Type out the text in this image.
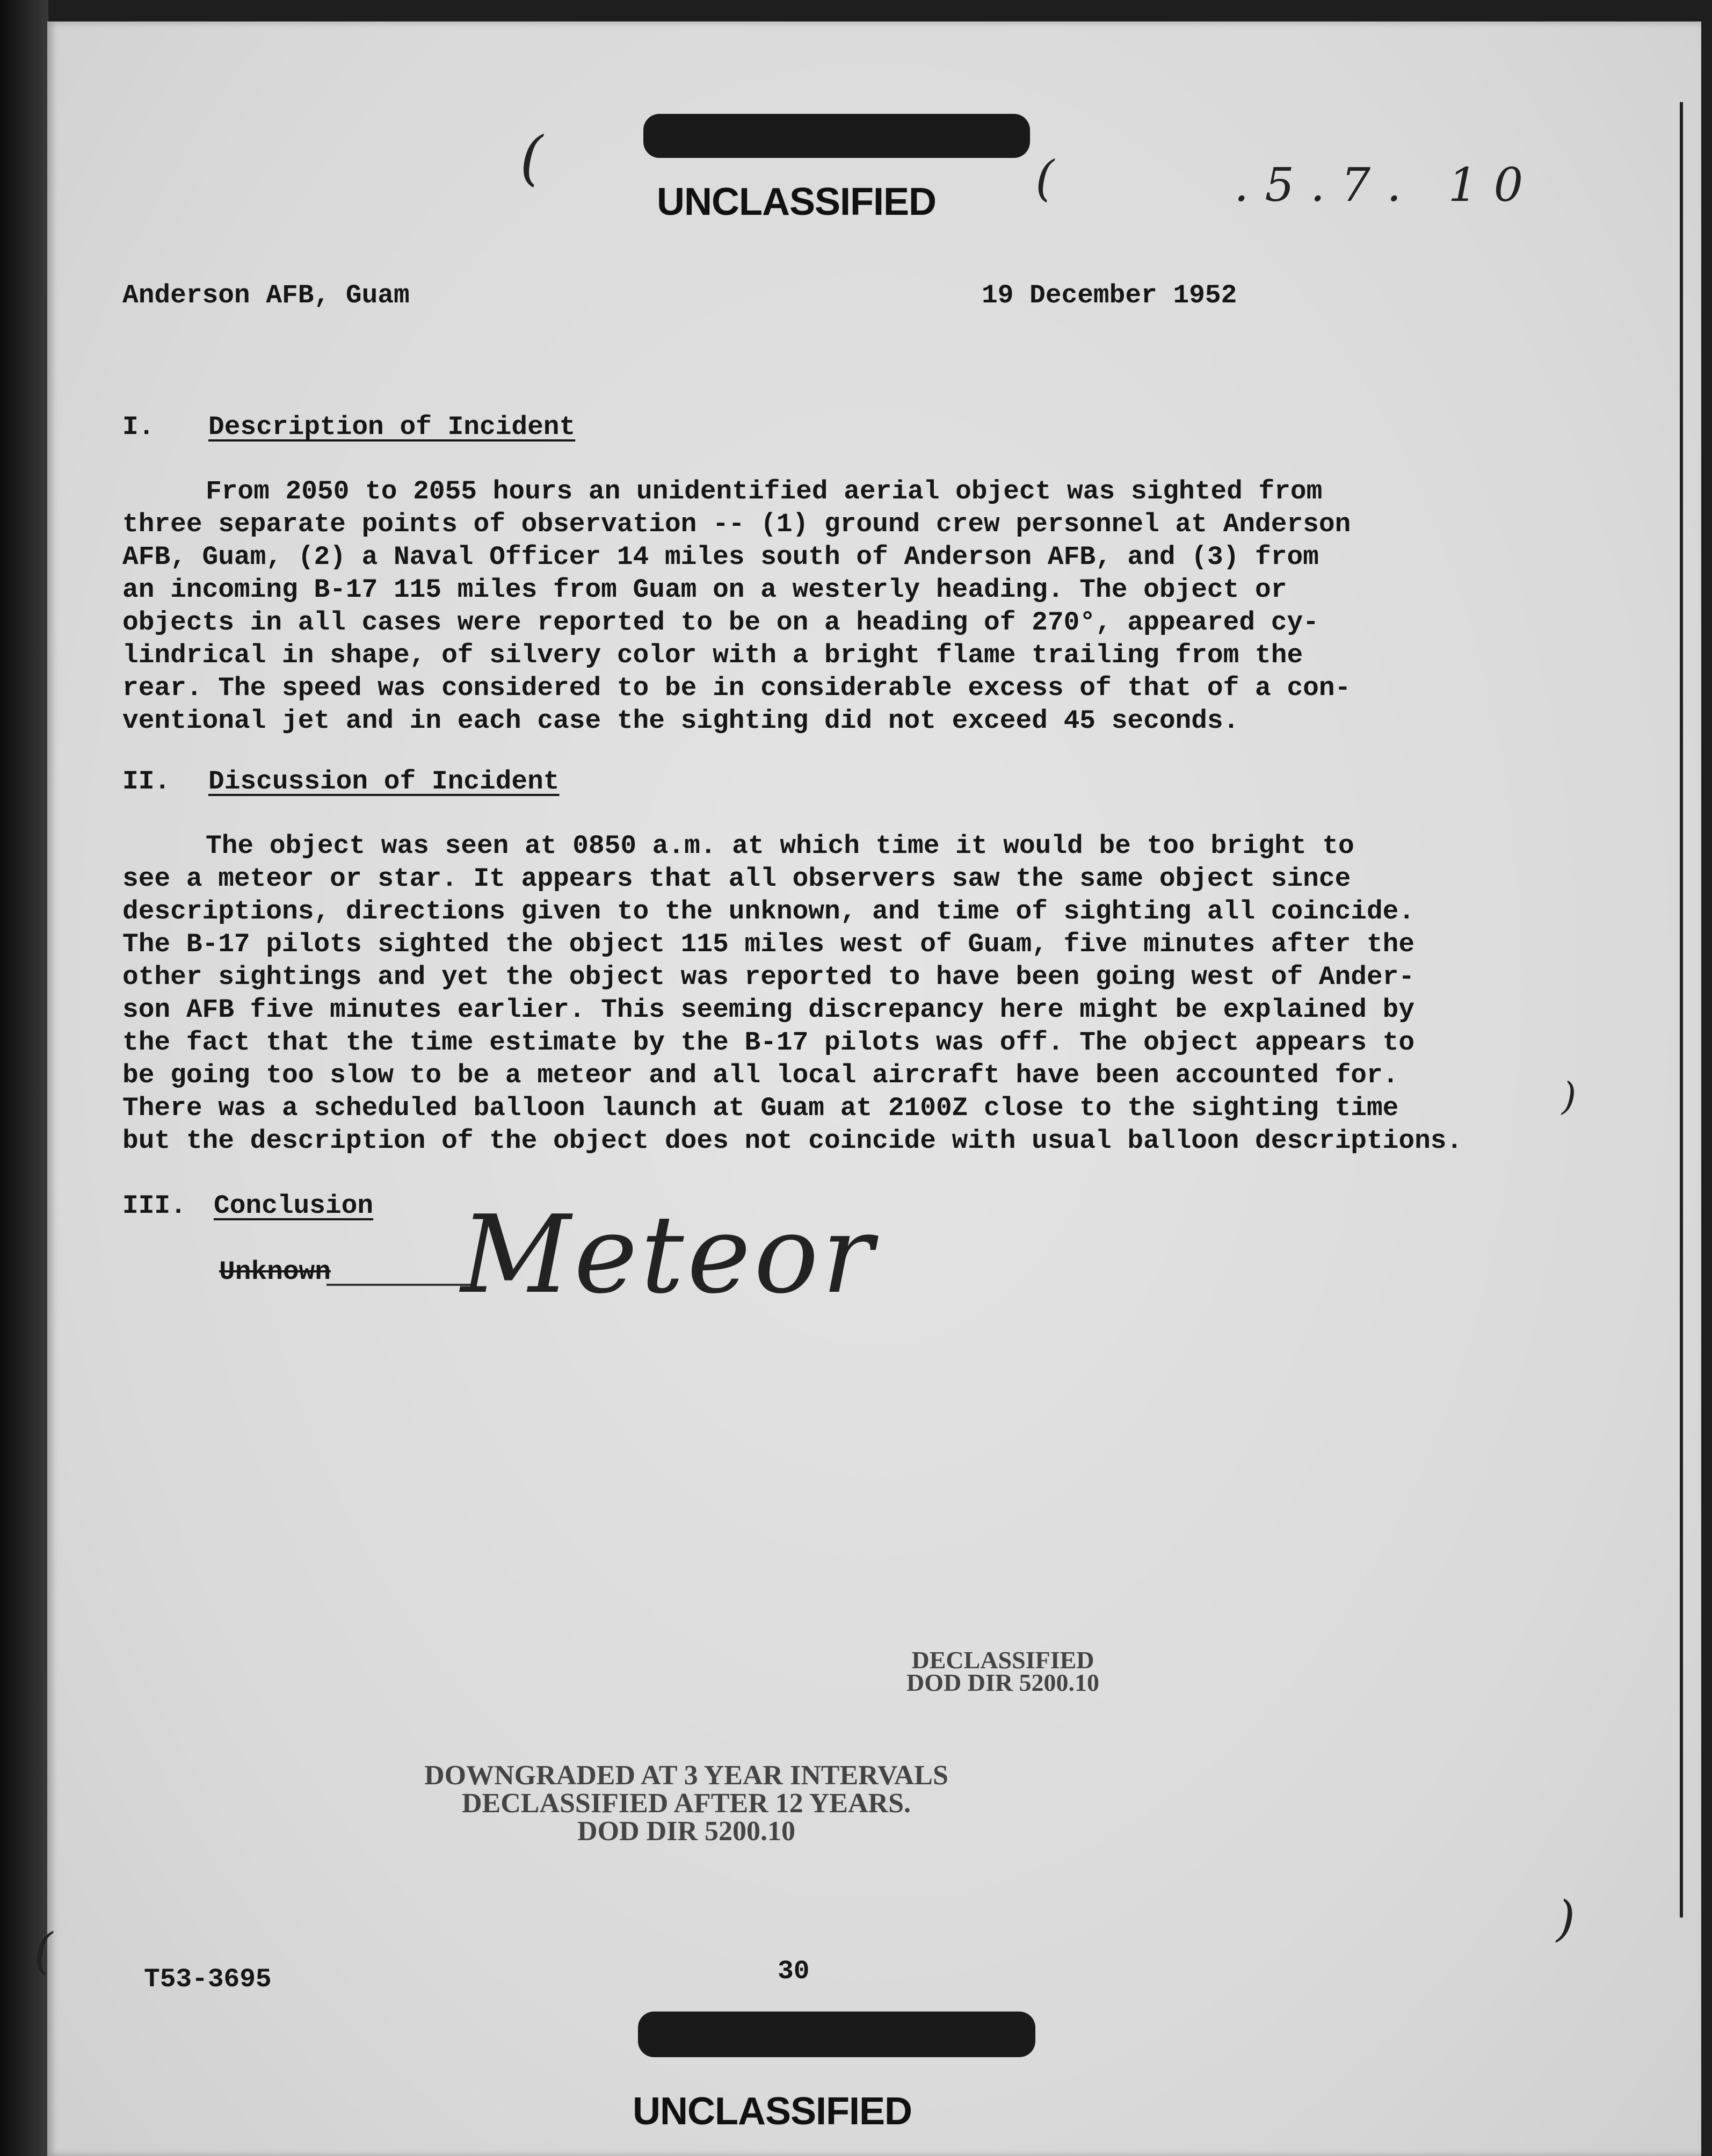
(	(
UNCLASSIFIED	.5.7. 10
Anderson AFB, Guam	19 December 1952
I. Description of Incident
From 2050 to 2055 hours an unidentified aerial object was sighted from
three separate points of observation -- (1) ground crew personnel at Anderson
AFB, Guam, (2) a Naval Officer 14 miles south of Anderson AFB, and (3) from
an incoming B-17 115 miles from Guam on a westerly heading. The object or
objects in all cases were reported to be on a heading of 270°, appeared cy-
lindrical in shape, of silvery color with a bright flame trailing from the
rear. The speed was considered to be in considerable excess of that of a con-
ventional jet and in each case the sighting did not exceed 45 seconds.
II. Discussion of Incident
The object was seen at 0850 a.m. at which time it would be too bright to
see a meteor or star. It appears that all observers saw the same object since
descriptions, directions given to the unknown, and time of sighting all coincide.
The B-17 pilots sighted the object 115 miles west of Guam, five minutes after the
other sightings and yet the object was reported to have been going west of Ander-
son AFB five minutes earlier. This seeming discrepancy here might be explained by
the fact that the time estimate by the B-17 pilots was off. The object appears to
be going too slow to be a meteor and all local aircraft have been accounted for.
There was a scheduled balloon launch at Guam at 2100Z close to the sighting time
but the description of the object does not coincide with usual balloon descriptions.
III. Conclusion
Unknown Meteor
)
)
(
DECLASSIFIED
DOD DIR 5200.10
DOWNGRADED AT 3 YEAR INTERVALS
DECLASSIFIED AFTER 12 YEARS.
DOD DIR 5200.10
T53-3695	30
UNCLASSIFIED
